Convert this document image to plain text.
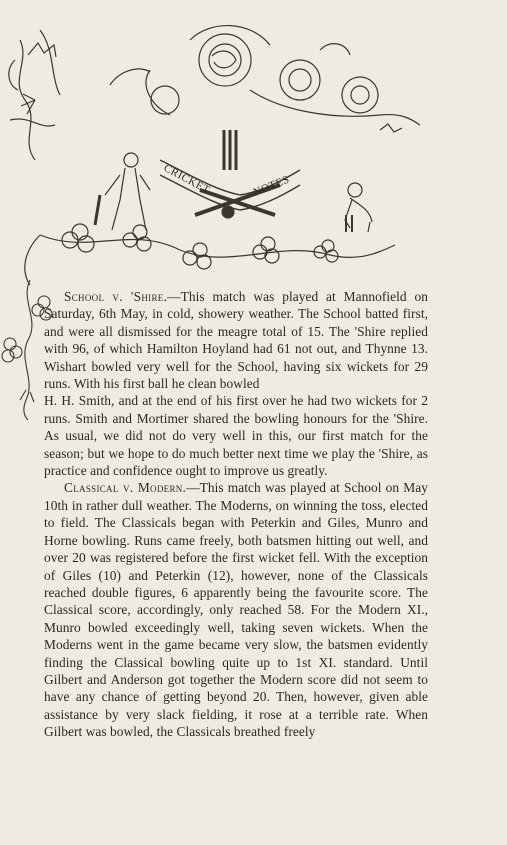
CRICKET	NOTES

School v. 'Shire.—This match was played at Mannofield on Saturday, 6th May, in cold, showery weather. The School batted first, and were all dismissed for the meagre total of 15. The 'Shire replied with 96, of which Hamilton Hoyland had 61 not out, and Thynne 13. Wishart bowled very well for the School, having six wickets for 29 runs. With his first ball he clean bowled

H. H. Smith, and at the end of his first over he had two wickets for 2 runs. Smith and Mortimer shared the bowling honours for the 'Shire. As usual, we did not do very well in this, our first match for the season; but we hope to do much better next time we play the 'Shire, as practice and confidence ought to improve us greatly.

Classical v. Modern.—This match was played at School on May 10th in rather dull weather. The Moderns, on winning the toss, elected to field. The Classicals began with Peterkin and Giles, Munro and Horne bowling. Runs came freely, both batsmen hitting out well, and over 20 was registered before the first wicket fell. With the exception of Giles (10) and Peterkin (12), however, none of the Classicals reached double figures, 6 apparently being the favourite score. The Classical score, accordingly, only reached 58. For the Modern XI., Munro bowled exceedingly well, taking seven wickets. When the Moderns went in the game became very slow, the batsmen evidently finding the Classical bowling quite up to 1st XI. standard. Until Gilbert and Anderson got together the Modern score did not seem to have any chance of getting beyond 20. Then, however, given able assistance by very slack fielding, it rose at a terrible rate. When Gilbert was bowled, the Classicals breathed freely
